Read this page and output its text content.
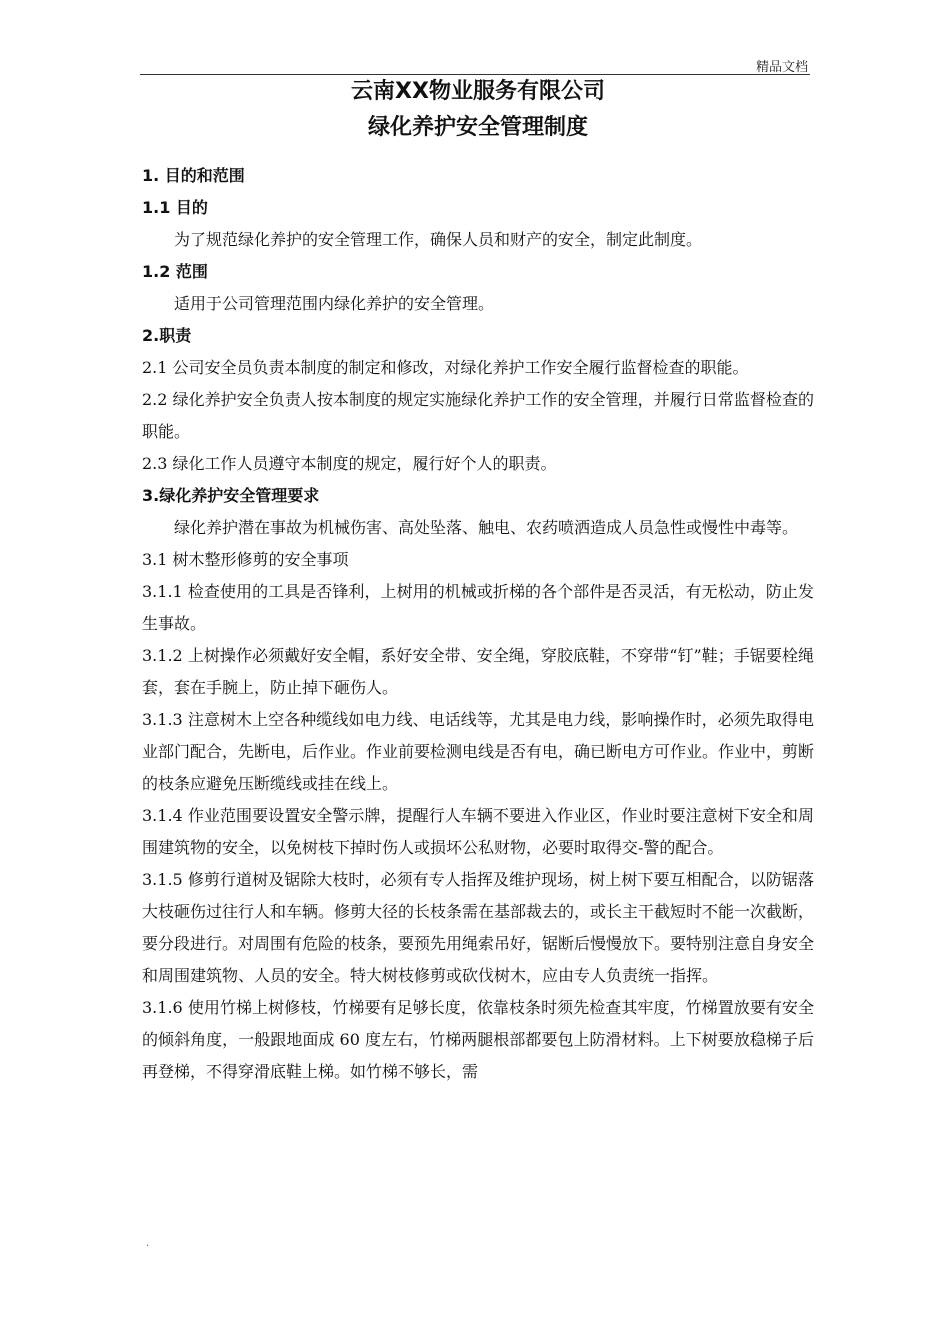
精品文档
云南XX物业服务有限公司
绿化养护安全管理制度

1. 目的和范围

1.1 目的

为了规范绿化养护的安全管理工作，确保人员和财产的安全，制定此制度。

1.2 范围

适用于公司管理范围内绿化养护的安全管理。

2.职责

2.1 公司安全员负责本制度的制定和修改，对绿化养护工作安全履行监督检查的职能。

2.2 绿化养护安全负责人按本制度的规定实施绿化养护工作的安全管理，并履行日常监督检查的职能。

2.3 绿化工作人员遵守本制度的规定，履行好个人的职责。

3.绿化养护安全管理要求

绿化养护潜在事故为机械伤害、高处坠落、触电、农药喷洒造成人员急性或慢性中毒等。

3.1 树木整形修剪的安全事项

3.1.1 检查使用的工具是否锋利，上树用的机械或折梯的各个部件是否灵活，有无松动，防止发生事故。

3.1.2 上树操作必须戴好安全帽，系好安全带、安全绳，穿胶底鞋，不穿带“钉”鞋；手锯要栓绳套，套在手腕上，防止掉下砸伤人。

3.1.3 注意树木上空各种缆线如电力线、电话线等，尤其是电力线，影响操作时，必须先取得电业部门配合，先断电，后作业。作业前要检测电线是否有电，确已断电方可作业。作业中，剪断的枝条应避免压断缆线或挂在线上。

3.1.4 作业范围要设置安全警示牌，提醒行人车辆不要进入作业区，作业时要注意树下安全和周围建筑物的安全，以免树枝下掉时伤人或损坏公私财物，必要时取得交-警的配合。

3.1.5 修剪行道树及锯除大枝时，必须有专人指挥及维护现场，树上树下要互相配合，以防锯落大枝砸伤过往行人和车辆。修剪大径的长枝条需在基部裁去的，或长主干截短时不能一次截断，要分段进行。对周围有危险的枝条，要预先用绳索吊好，锯断后慢慢放下。要特别注意自身安全和周围建筑物、人员的安全。特大树枝修剪或砍伐树木，应由专人负责统一指挥。

3.1.6 使用竹梯上树修枝，竹梯要有足够长度，依靠枝条时须先检查其牢度，竹梯置放要有安全的倾斜角度，一般跟地面成 60 度左右，竹梯两腿根部都要包上防滑材料。上下树要放稳梯子后再登梯，不得穿滑底鞋上梯。如竹梯不够长，需

.
